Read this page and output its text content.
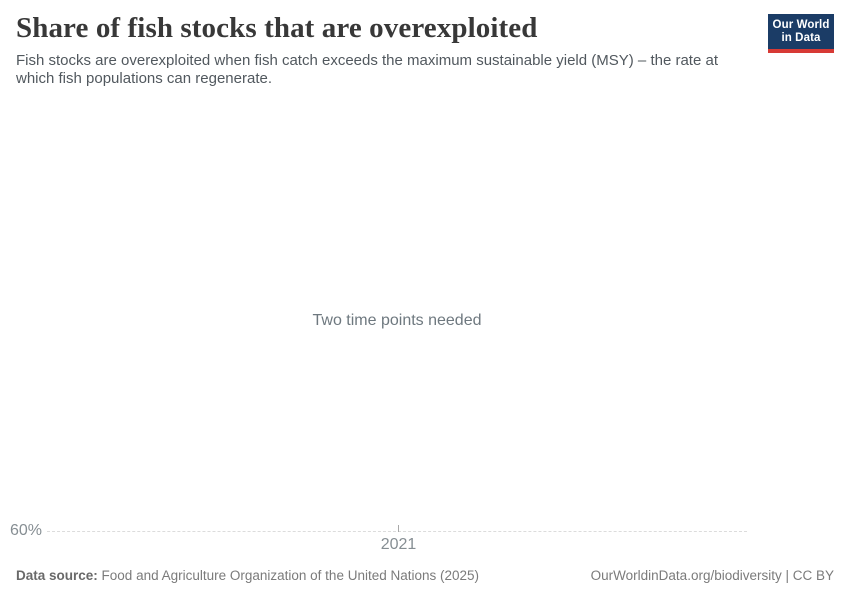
Share of fish stocks that are overexploited

Fish stocks are overexploited when fish catch exceeds the maximum sustainable yield (MSY) – the rate at which fish populations can regenerate.

Our World
in Data
Two time points needed
60%
2021
Data source: Food and Agriculture Organization of the United Nations (2025)	OurWorldinData.org/biodiversity | CC BY
